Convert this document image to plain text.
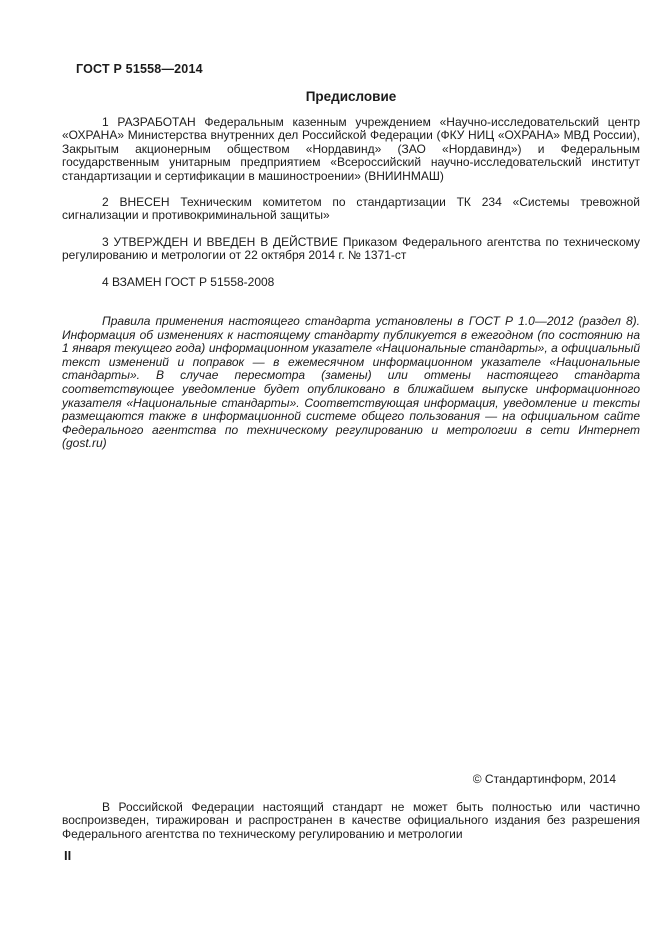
ГОСТ Р 51558—2014
Предисловие

1 РАЗРАБОТАН Федеральным казенным учреждением «Научно-исследовательский центр «ОХРАНА» Министерства внутренних дел Российской Федерации (ФКУ НИЦ «ОХРАНА» МВД России), Закрытым акционерным обществом «Нордавинд» (ЗАО «Нордавинд») и Федеральным государственным унитарным предприятием «Всероссийский научно-исследовательский институт стандартизации и сертификации в машиностроении» (ВНИИНМАШ)

2 ВНЕСЕН Техническим комитетом по стандартизации ТК 234 «Системы тревожной сигнализации и противокриминальной защиты»

3 УТВЕРЖДЕН И ВВЕДЕН В ДЕЙСТВИЕ Приказом Федерального агентства по техническому регулированию и метрологии от 22 октября 2014 г. № 1371-ст

4 ВЗАМЕН ГОСТ Р 51558-2008

Правила применения настоящего стандарта установлены в ГОСТ Р 1.0—2012 (раздел 8). Информация об изменениях к настоящему стандарту публикуется в ежегодном (по состоянию на 1 января текущего года) информационном указателе «Национальные стандарты», а официальный текст изменений и поправок — в ежемесячном информационном указателе «Национальные стандарты». В случае пересмотра (замены) или отмены настоящего стандарта соответствующее уведомление будет опубликовано в ближайшем выпуске информационного указателя «Национальные стандарты». Соответствующая информация, уведомление и тексты размещаются также в информационной системе общего пользования — на официальном сайте Федерального агентства по техническому регулированию и метрологии в сети Интернет (gost.ru)

© Стандартинформ, 2014

В Российской Федерации настоящий стандарт не может быть полностью или частично воспроизведен, тиражирован и распространен в качестве официального издания без разрешения Федерального агентства по техническому регулированию и метрологии

II
